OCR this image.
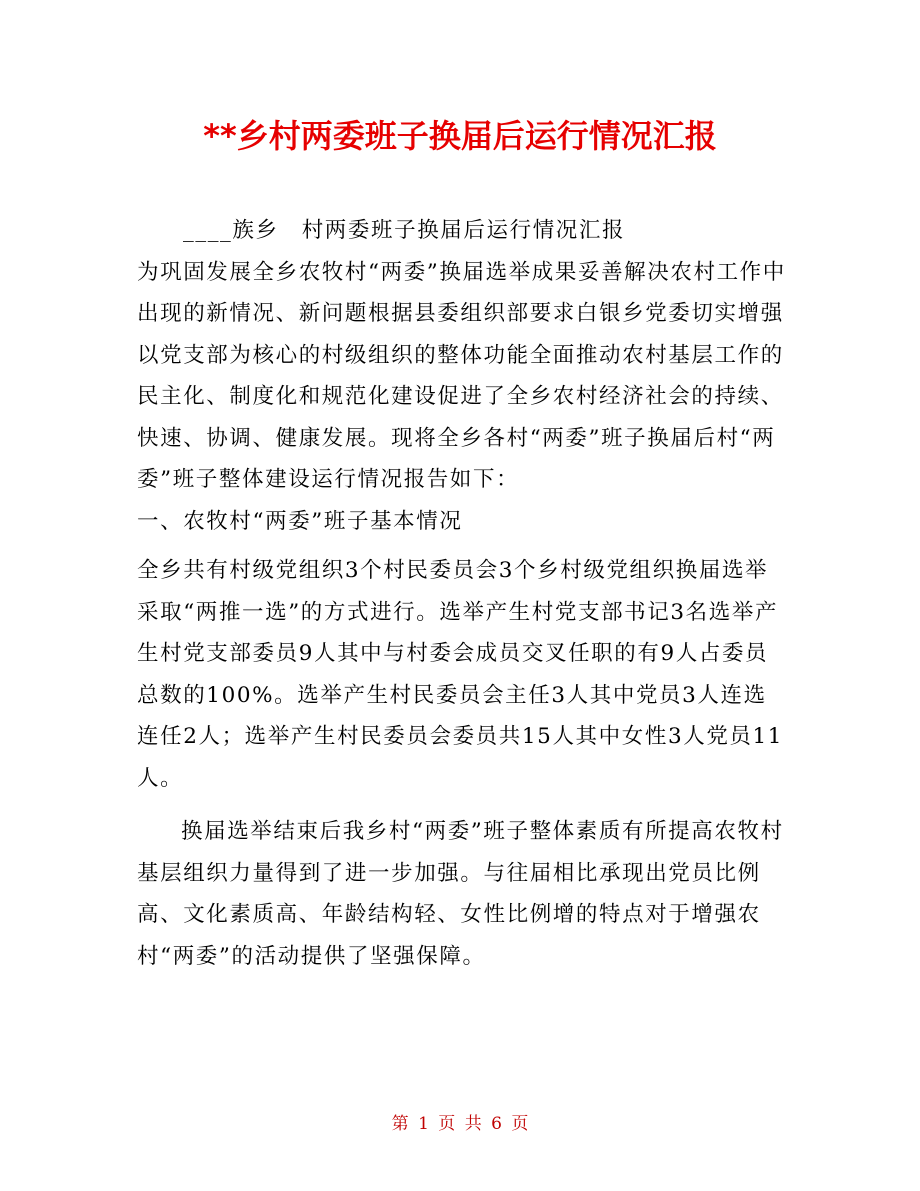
**乡村两委班子换届后运行情况汇报

____族乡　村两委班子换届后运行情况汇报

为巩固发展全乡农牧村“两委”换届选举成果妥善解决农村工作中出现的新情况、新问题根据县委组织部要求白银乡党委切实增强以党支部为核心的村级组织的整体功能全面推动农村基层工作的民主化、制度化和规范化建设促进了全乡农村经济社会的持续、快速、协调、健康发展。现将全乡各村“两委”班子换届后村“两委”班子整体建设运行情况报告如下：

一、农牧村“两委”班子基本情况

全乡共有村级党组织3个村民委员会3个乡村级党组织换届选举采取“两推一选”的方式进行。选举产生村党支部书记3名选举产生村党支部委员9人其中与村委会成员交叉任职的有9人占委员总数的100%。选举产生村民委员会主任3人其中党员3人连选连任2人；选举产生村民委员会委员共15人其中女性3人党员11人。

换届选举结束后我乡村“两委”班子整体素质有所提高农牧村基层组织力量得到了进一步加强。与往届相比承现出党员比例高、文化素质高、年龄结构轻、女性比例增的特点对于增强农村“两委”的活动提供了坚强保障。

第 1 页 共 6 页
